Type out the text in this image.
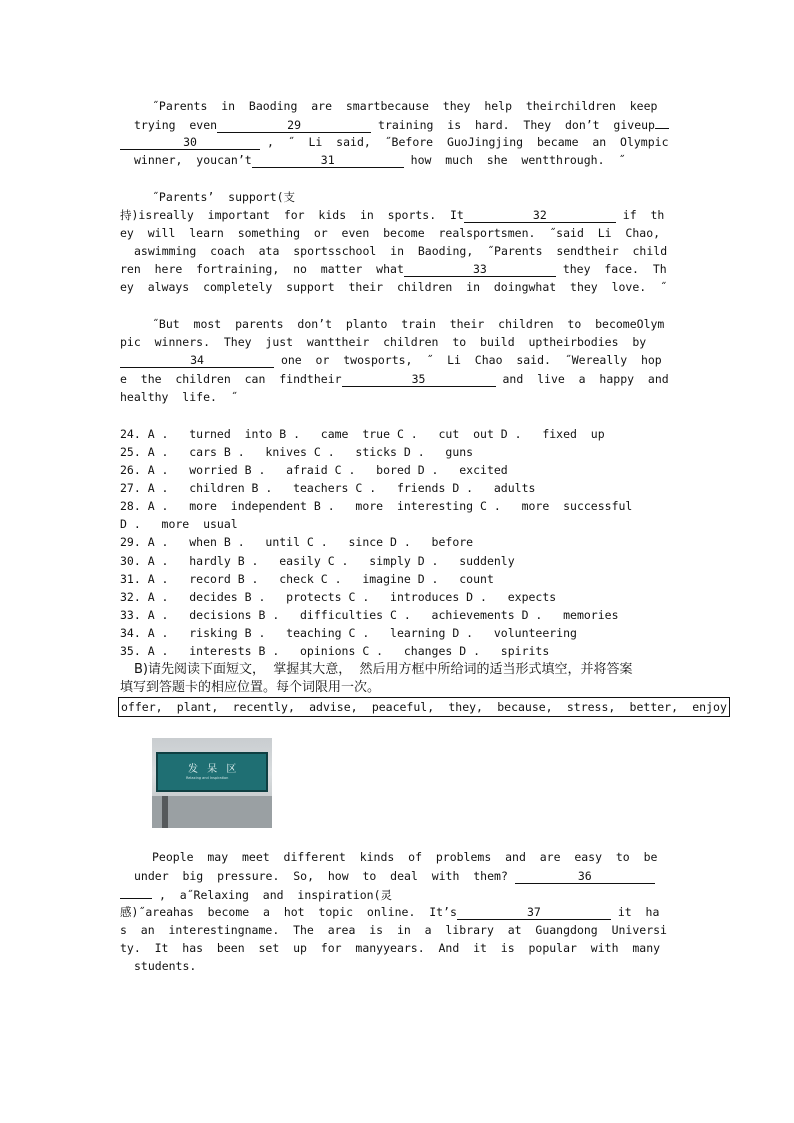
˝Parents  in  Baoding  are  smartbecause  they  help  theirchildren  keep
trying  even	29	training  is  hard.  They  don’t  giveup
30	,  ˝  Li  said,  ˝Before  GuoJingjing  became  an  Olympic
winner,  youcan’t	31	how  much  she  wentthrough.  ˝
˝Parents’  support(支
持)isreally  important  for  kids  in  sports.  It	32	if  th
ey  will  learn  something  or  even  become  realsportsmen.  ˝said  Li  Chao,
aswimming  coach  ata  sportsschool  in  Baoding,  ˝Parents  sendtheir  child
ren  here  fortraining,  no  matter  what	33	they  face.  Th
ey  always  completely  support  their  children  in  doingwhat  they  love.  ˝
˝But  most  parents  don’t  planto  train  their  children  to  becomeOlym
pic  winners.  They  just  wanttheir  children  to  build  uptheirbodies  by
34	one  or  twosports,  ˝  Li  Chao  said.  ˝Wereally  hop
e  the  children  can  findtheir	35	and  live  a  happy  and
healthy  life.  ˝
24. A .   turned  into B .   came  true C .   cut  out D .   fixed  up
25. A .   cars B .   knives C .   sticks D .   guns
26. A .   worried B .   afraid C .   bored D .   excited
27. A .   children B .   teachers C .   friends D .   adults
28. A .   more  independent B .   more  interesting C .   more  successful
D .   more  usual
29. A .   when B .   until C .   since D .   before
30. A .   hardly B .   easily C .   simply D .   suddenly
31. A .   record B .   check C .   imagine D .   count
32. A .   decides B .   protects C .   introduces D .   expects
33. A .   decisions B .   difficulties C .   achievements D .   memories
34. A .   risking B .   teaching C .   learning D .   volunteering
35. A .   interests B .   opinions C .   changes D .   spirits
B)请先阅读下面短文，  掌握其大意，  然后用方框中所给词的适当形式填空，并将答案
填写到答题卡的相应位置。每个词限用一次。
offer, plant, recently, advise, peaceful, they, because, stress, better, enjoy
发 呆 区
Relaxing and Inspiration
People  may  meet  different  kinds  of  problems  and  are  easy  to  be
under  big  pressure.  So,  how  to  deal  with  them?	36
,  a˝Relaxing  and  inspiration(灵
感)˝areahas  become  a  hot  topic  online.  It’s	37	it  ha
s  an  interestingname.  The  area  is  in  a  library  at  Guangdong  Universi
ty.  It  has  been  set  up  for  manyyears.  And  it  is  popular  with  many
students.
